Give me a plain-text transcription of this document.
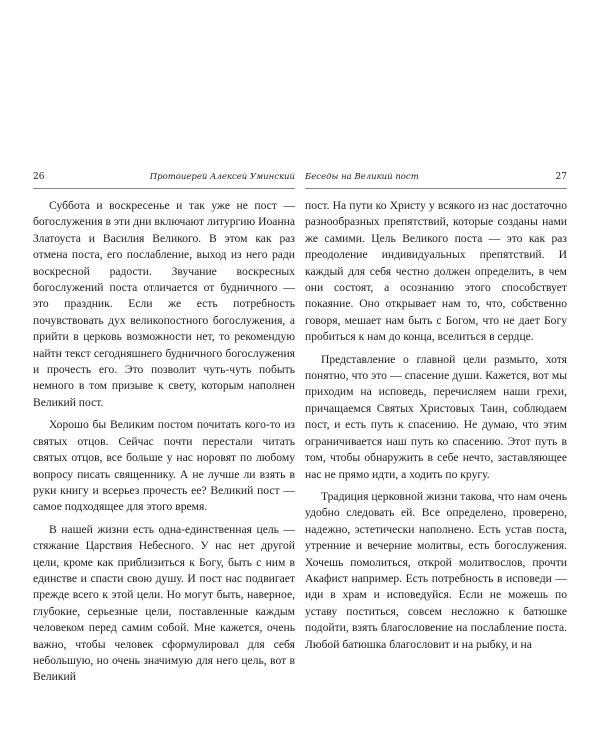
26	Протоиерей Алексей Уминский

Суббота и воскресенье и так уже не пост — богослужения в эти дни включают литургию Иоанна Златоуста и Василия Великого. В этом как раз отмена поста, его послабление, выход из него ради воскресной радости. Звучание воскресных богослужений поста отличается от будничного — это праздник. Если же есть потребность почувствовать дух великопостного богослужения, а прийти в церковь возможности нет, то рекомендую найти текст сегодняшнего будничного богослужения и прочесть его. Это позволит чуть-чуть побыть немного в том призыве к свету, которым наполнен Великий пост.

Хорошо бы Великим постом почитать кого-то из святых отцов. Сейчас почти перестали читать святых отцов, все больше у нас норовят по любому вопросу писать священнику. А не лучше ли взять в руки книгу и всерьез прочесть ее? Великий пост — самое подходящее для этого время.

В нашей жизни есть одна-единственная цель — стяжание Царствия Небесного. У нас нет другой цели, кроме как приблизиться к Богу, быть с ним в единстве и спасти свою душу. И пост нас подвигает прежде всего к этой цели. Но могут быть, наверное, глубокие, серьезные цели, поставленные каждым человеком перед самим собой. Мне кажется, очень важно, чтобы человек сформулировал для себя небольшую, но очень значимую для него цель, вот в Великий

Беседы на Великий пост	27

пост. На пути ко Христу у всякого из нас достаточно разнообразных препятствий, которые созданы нами же самими. Цель Великого поста — это как раз преодоление индивидуальных препятствий. И каждый для себя честно должен определить, в чем они состоят, а осознанию этого способствует покаяние. Оно открывает нам то, что, собственно говоря, мешает нам быть с Богом, что не дает Богу пробиться к нам до конца, вселиться в сердце.

Представление о главной цели размыто, хотя понятно, что это — спасение души. Кажется, вот мы приходим на исповедь, перечисляем наши грехи, причащаемся Святых Христовых Таин, соблюдаем пост, и есть путь к спасению. Не думаю, что этим ограничивается наш путь ко спасению. Этот путь в том, чтобы обнаружить в себе нечто, заставляющее нас не прямо идти, а ходить по кругу.

Традиция церковной жизни такова, что нам очень удобно следовать ей. Все определено, проверено, надежно, эстетически наполнено. Есть устав поста, утренние и вечерние молитвы, есть богослужения. Хочешь помолиться, открой молитвослов, прочти Акафист например. Есть потребность в исповеди — иди в храм и исповедуйся. Если не можешь по уставу поститься, совсем несложно к батюшке подойти, взять благословение на послабление поста. Любой батюшка благословит и на рыбку, и на
